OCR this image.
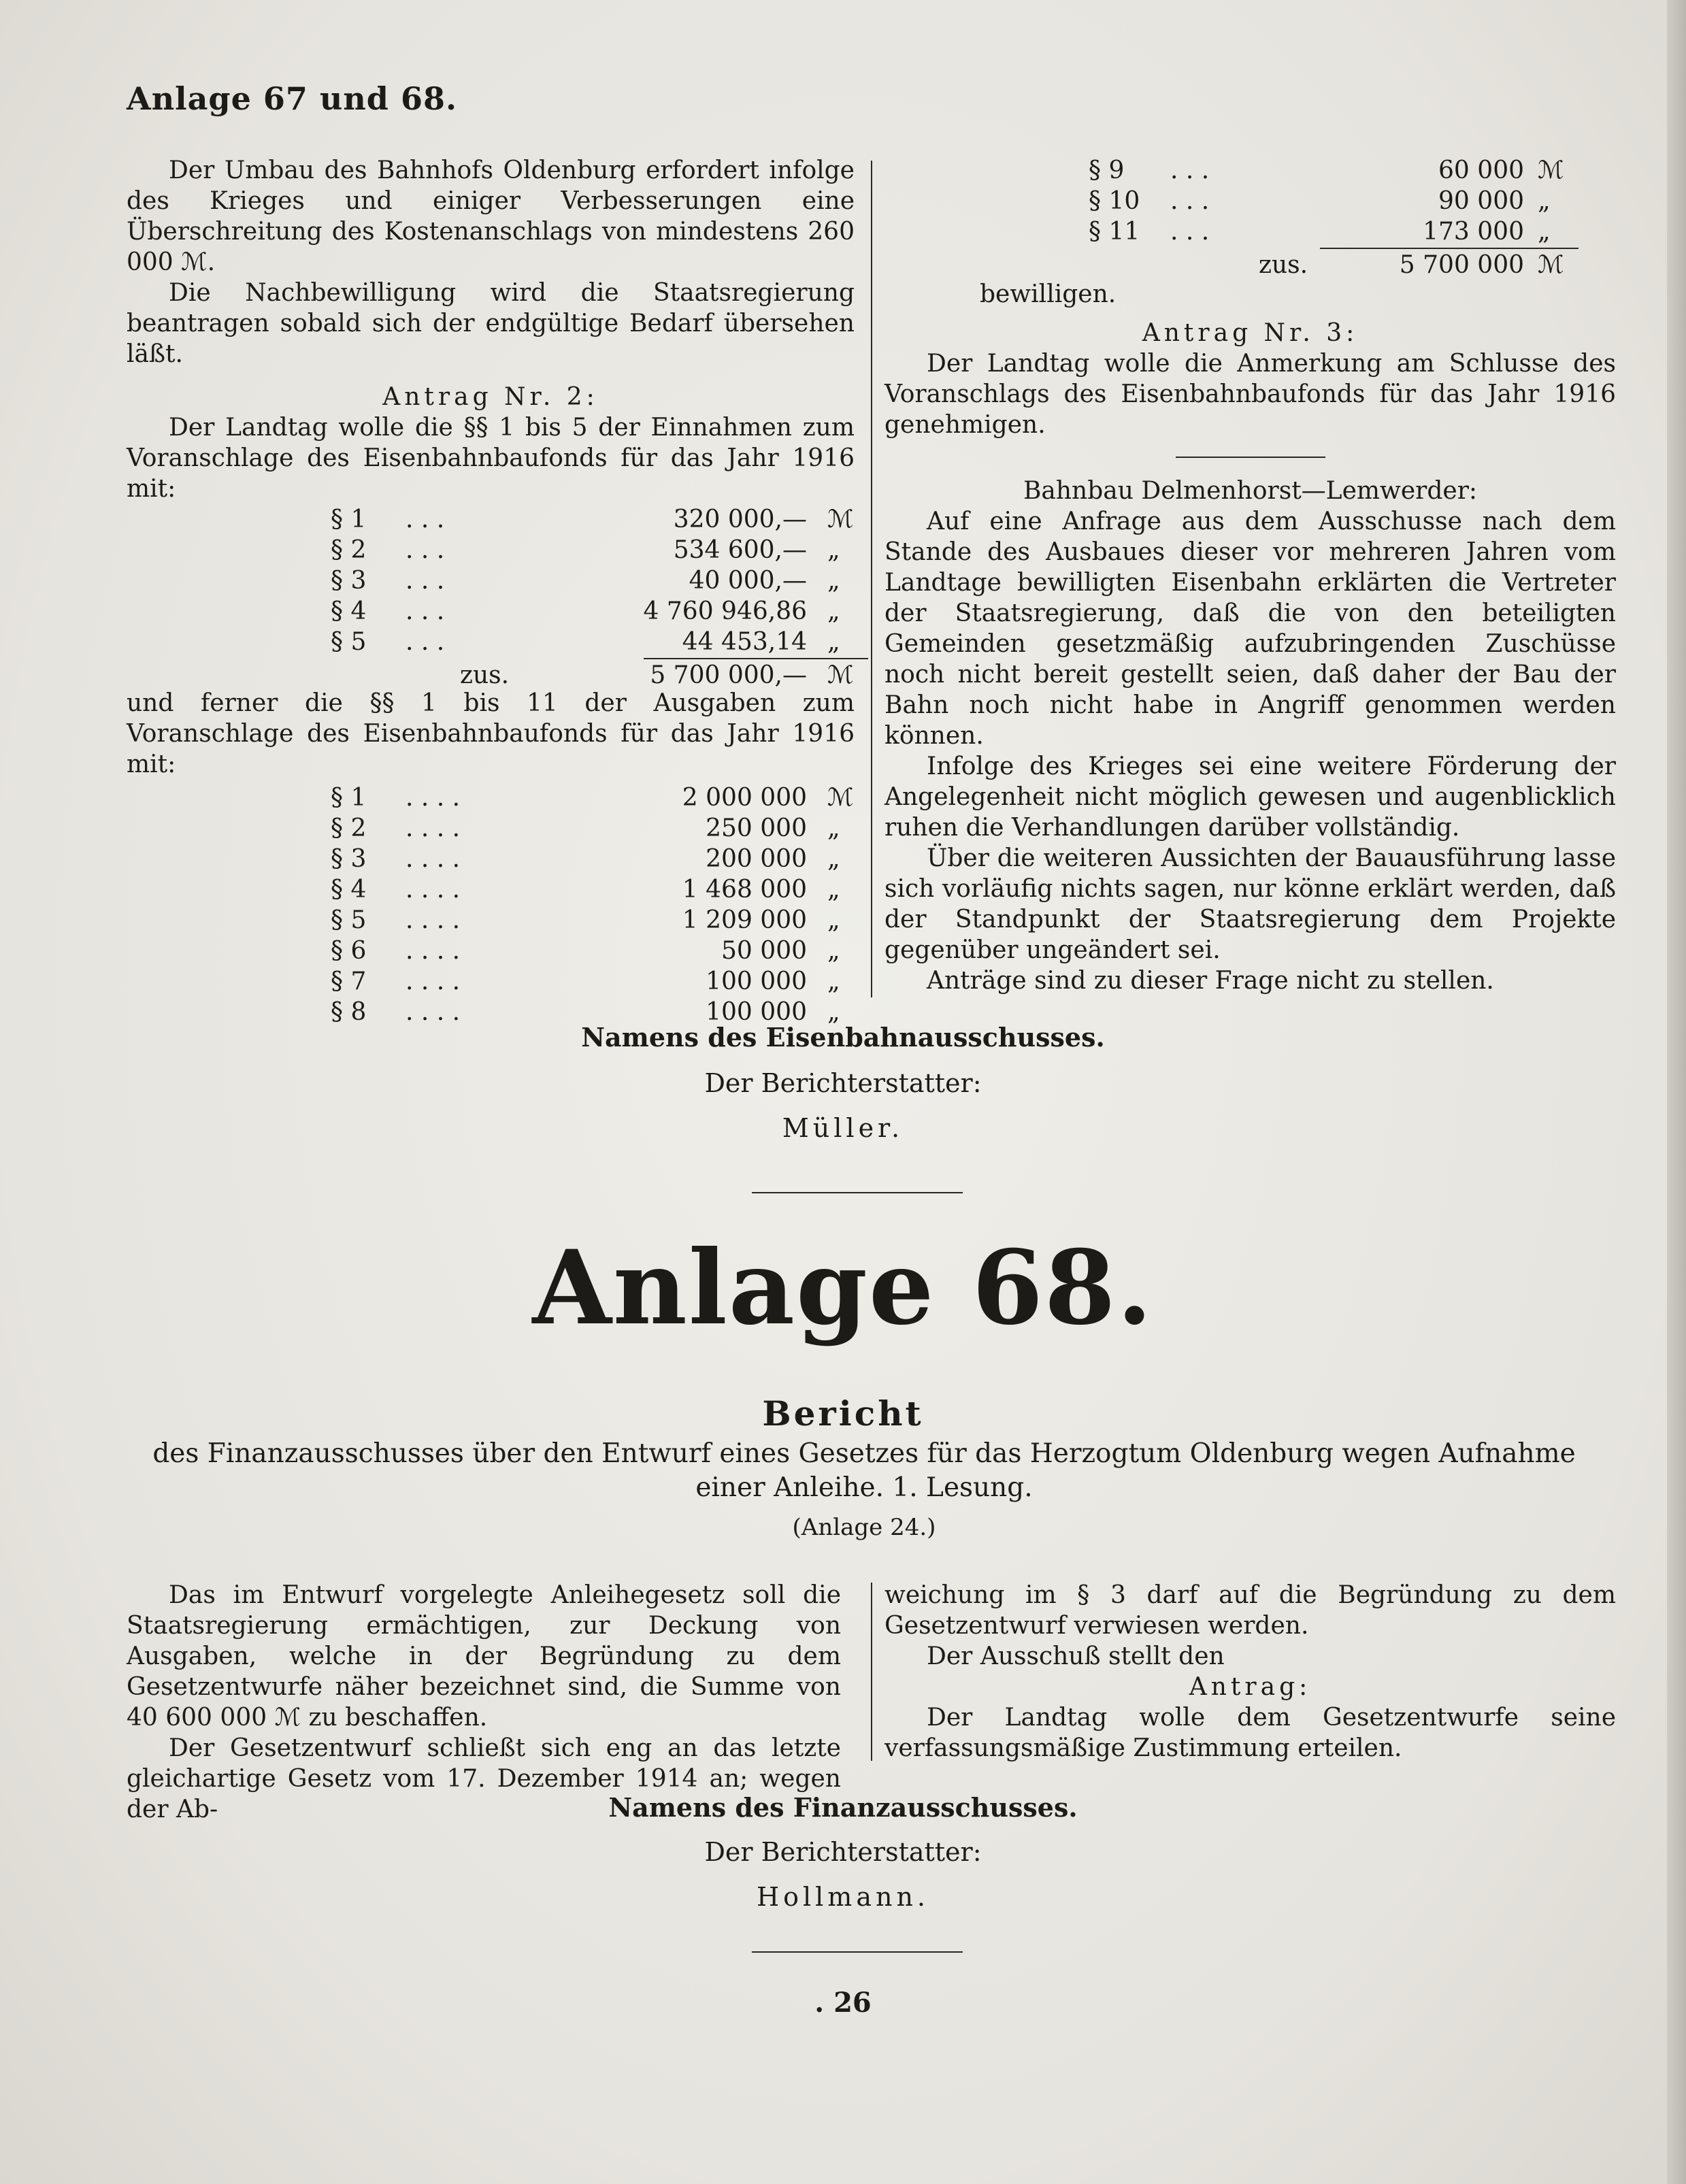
Anlage 67 und 68.

Der Umbau des Bahnhofs Oldenburg erfordert infolge des Krieges und einiger Verbesserungen eine Überschreitung des Kostenanschlags von mindestens 260 000 ℳ.

Die Nachbewilligung wird die Staatsregierung beantragen sobald sich der endgültige Bedarf übersehen läßt.

Antrag Nr. 2:

Der Landtag wolle die §§ 1 bis 5 der Einnahmen zum Voranschlage des Eisenbahnbaufonds für das Jahr 1916 mit:

§ 1 . . .	320 000,— ℳ
§ 2 . . .	534 600,— „
§ 3 . . .	40 000,— „
§ 4 . . .	4 760 946,86 „
§ 5 . . .	44 453,14 „
zus.	5 700 000,— ℳ

und ferner die §§ 1 bis 11 der Ausgaben zum Voranschlage des Eisenbahnbaufonds für das Jahr 1916 mit:

§ 1 . . . .	2 000 000 ℳ
§ 2 . . . .	250 000 „
§ 3 . . . .	200 000 „
§ 4 . . . .	1 468 000 „
§ 5 . . . .	1 209 000 „
§ 6 . . . .	50 000 „
§ 7 . . . .	100 000 „
§ 8 . . . .	100 000 „
§ 9 . . .	60 000 ℳ
§ 10 . . .	90 000 „
§ 11 . . .	173 000 „
zus.	5 700 000 ℳ

bewilligen.

Antrag Nr. 3:

Der Landtag wolle die Anmerkung am Schlusse des Voranschlags des Eisenbahnbaufonds für das Jahr 1916 genehmigen.

Bahnbau Delmenhorst—Lemwerder:

Auf eine Anfrage aus dem Ausschusse nach dem Stande des Ausbaues dieser vor mehreren Jahren vom Landtage bewilligten Eisenbahn erklärten die Vertreter der Staatsregierung, daß die von den beteiligten Gemeinden gesetzmäßig aufzubringenden Zuschüsse noch nicht bereit gestellt seien, daß daher der Bau der Bahn noch nicht habe in Angriff genommen werden können.

Infolge des Krieges sei eine weitere Förderung der Angelegenheit nicht möglich gewesen und augenblicklich ruhen die Verhandlungen darüber vollständig.

Über die weiteren Aussichten der Bauausführung lasse sich vorläufig nichts sagen, nur könne erklärt werden, daß der Standpunkt der Staatsregierung dem Projekte gegenüber ungeändert sei.

Anträge sind zu dieser Frage nicht zu stellen.

Namens des Eisenbahnausschusses.
Der Berichterstatter:
Müller.
Anlage 68.
Bericht
des Finanzausschusses über den Entwurf eines Gesetzes für das Herzogtum Oldenburg wegen Aufnahme
einer Anleihe. 1. Lesung.
(Anlage 24.)

Das im Entwurf vorgelegte Anleihegesetz soll die Staatsregierung ermächtigen, zur Deckung von Ausgaben, welche in der Begründung zu dem Gesetzentwurfe näher bezeichnet sind, die Summe von 40 600 000 ℳ zu beschaffen.

Der Gesetzentwurf schließt sich eng an das letzte gleichartige Gesetz vom 17. Dezember 1914 an; wegen der Ab-

weichung im § 3 darf auf die Begründung zu dem Gesetzentwurf verwiesen werden.

Der Ausschuß stellt den

Antrag:

Der Landtag wolle dem Gesetzentwurfe seine verfassungsmäßige Zustimmung erteilen.

Namens des Finanzausschusses.
Der Berichterstatter:
Hollmann.
. 26
